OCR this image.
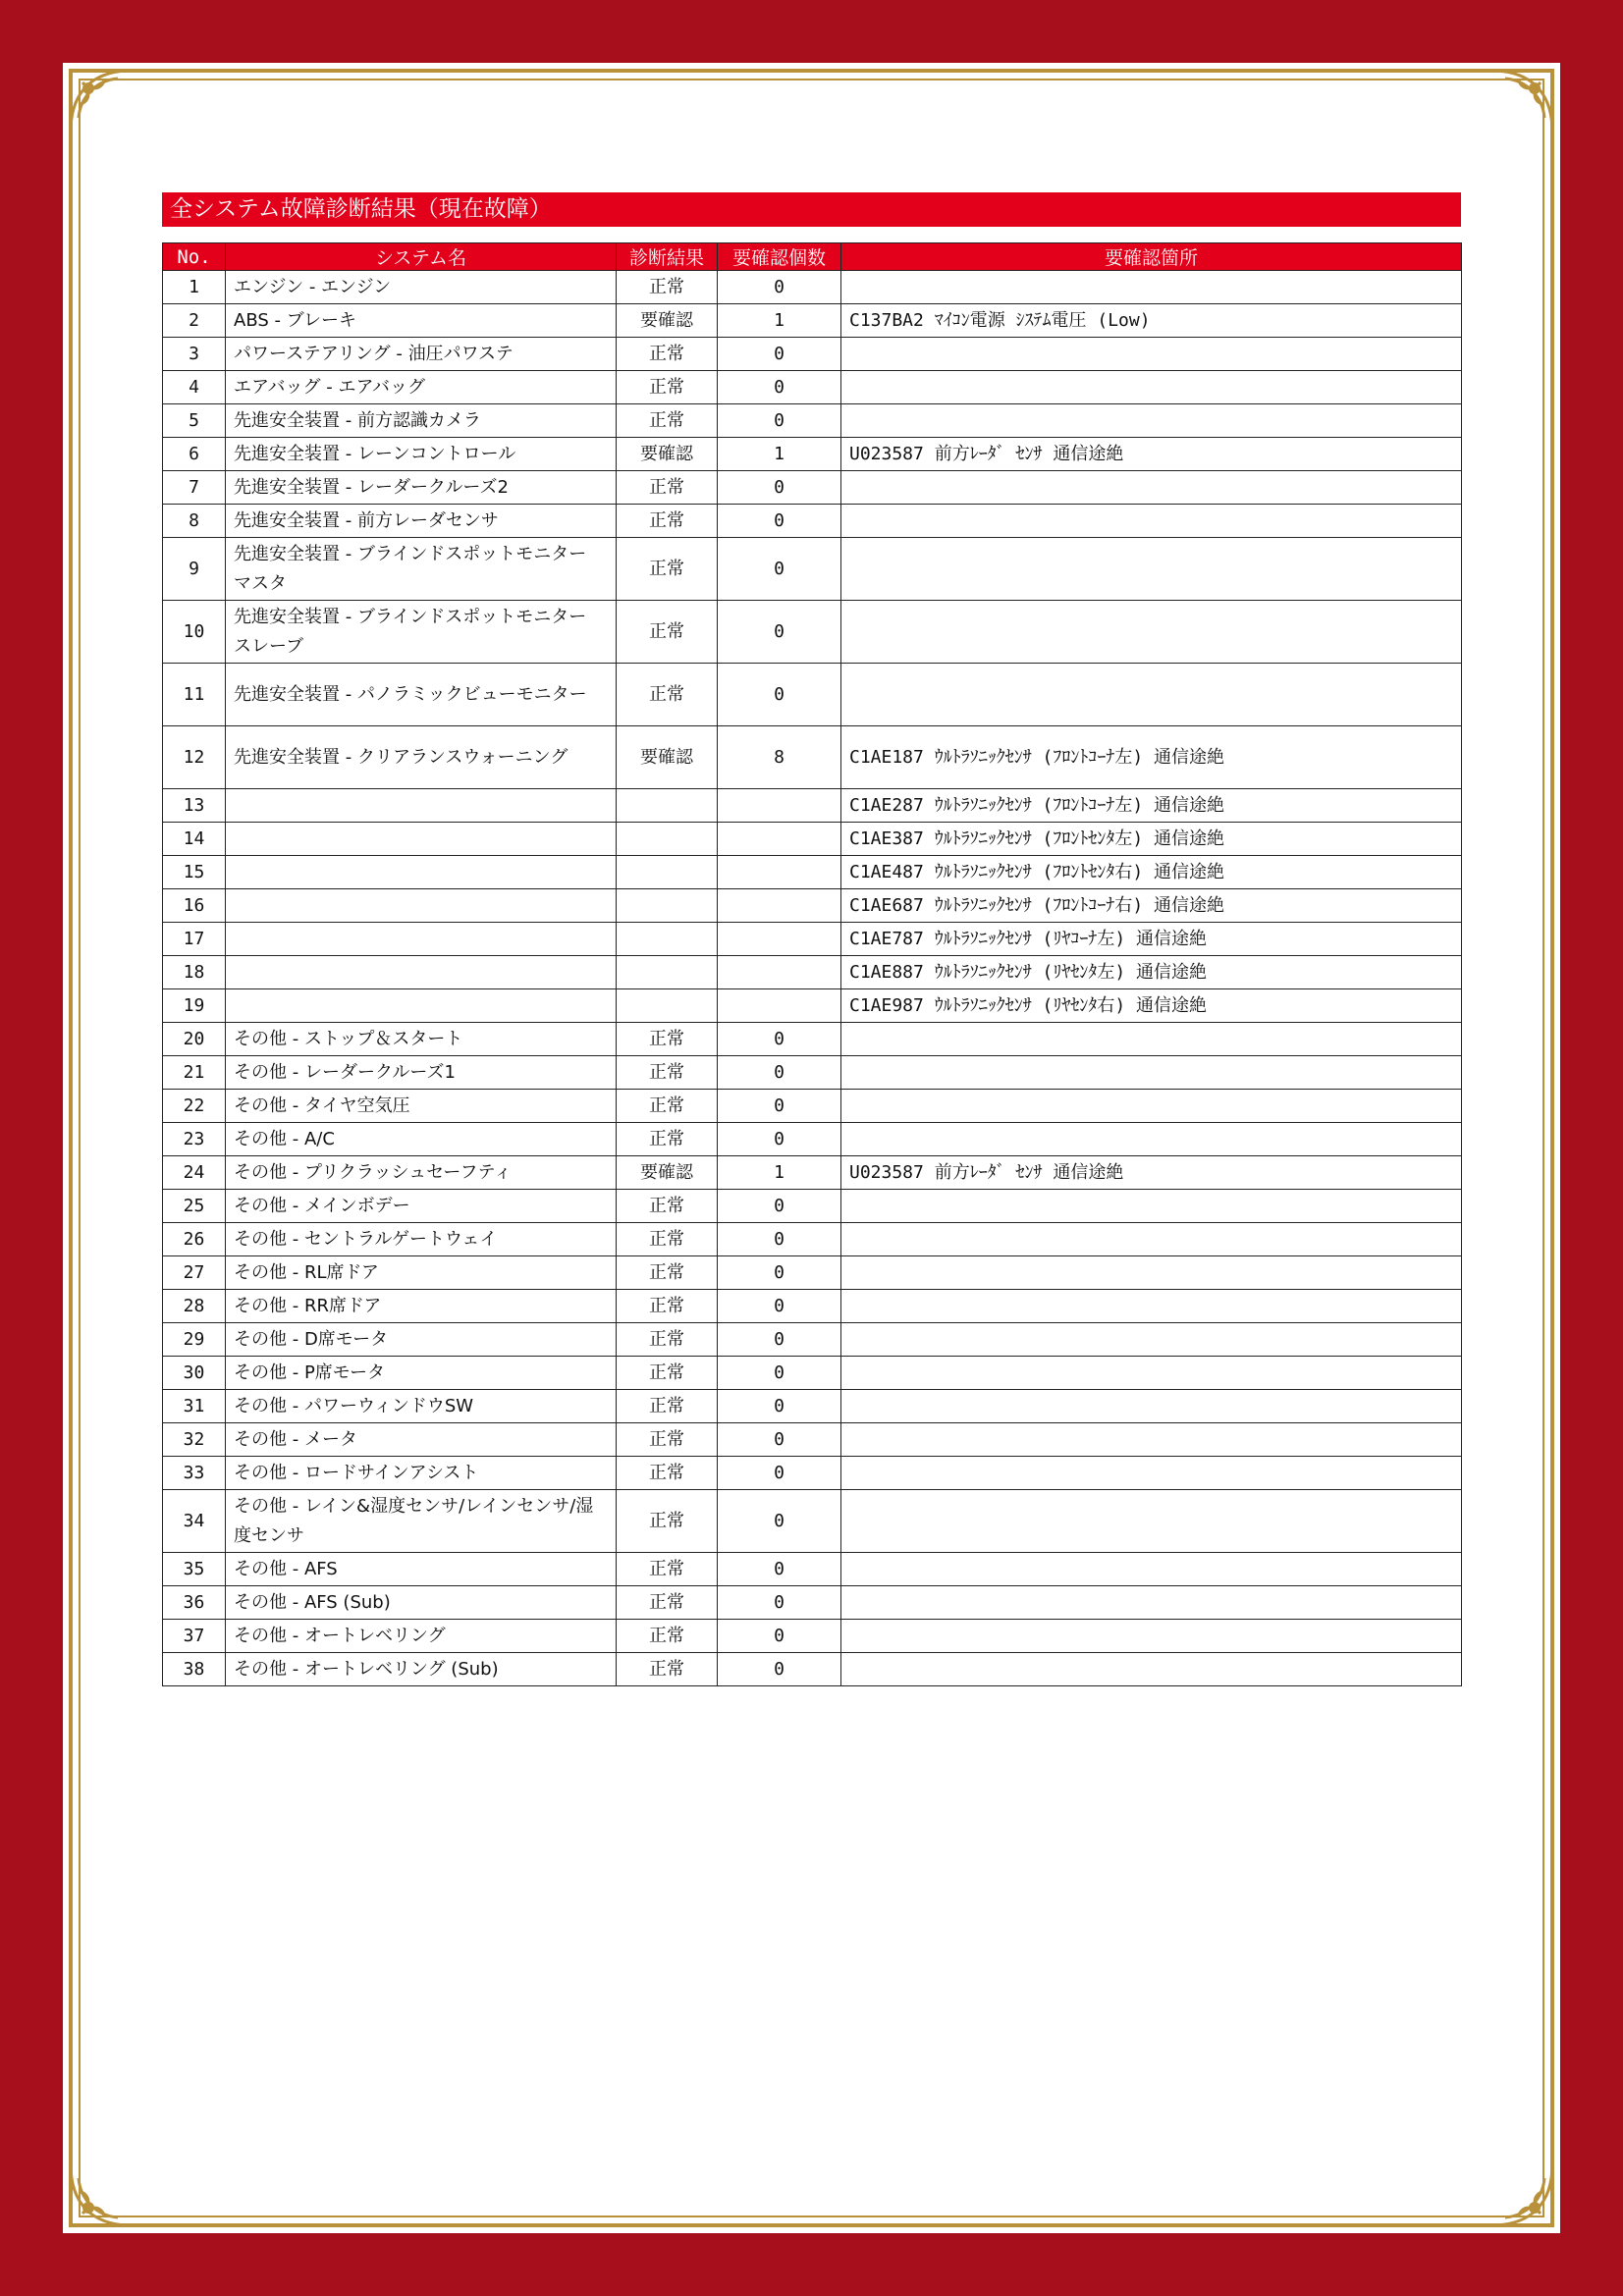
全システム故障診断結果（現在故障）
No.	システム名	診断結果	要確認個数	要確認箇所
1	エンジン - エンジン	正常	0	
2	ABS - ブレーキ	要確認	1	C137BA2 ﾏｲｺﾝ電源 ｼｽﾃﾑ電圧 (Low)
3	パワーステアリング - 油圧パワステ	正常	0	
4	エアバッグ - エアバッグ	正常	0	
5	先進安全装置 - 前方認識カメラ	正常	0	
6	先進安全装置 - レーンコントロール	要確認	1	U023587 前方ﾚｰﾀﾞ ｾﾝｻ 通信途絶
7	先進安全装置 - レーダークルーズ2	正常	0	
8	先進安全装置 - 前方レーダセンサ	正常	0	
9	先進安全装置 - ブラインドスポットモニター マスタ	正常	0	
10	先進安全装置 - ブラインドスポットモニター スレーブ	正常	0	
11	先進安全装置 - パノラミックビューモニター	正常	0	
12	先進安全装置 - クリアランスウォーニング	要確認	8	C1AE187 ｳﾙﾄﾗｿﾆｯｸｾﾝｻ (ﾌﾛﾝﾄｺｰﾅ左) 通信途絶
13				C1AE287 ｳﾙﾄﾗｿﾆｯｸｾﾝｻ (ﾌﾛﾝﾄｺｰﾅ左) 通信途絶
14				C1AE387 ｳﾙﾄﾗｿﾆｯｸｾﾝｻ (ﾌﾛﾝﾄｾﾝﾀ左) 通信途絶
15				C1AE487 ｳﾙﾄﾗｿﾆｯｸｾﾝｻ (ﾌﾛﾝﾄｾﾝﾀ右) 通信途絶
16				C1AE687 ｳﾙﾄﾗｿﾆｯｸｾﾝｻ (ﾌﾛﾝﾄｺｰﾅ右) 通信途絶
17				C1AE787 ｳﾙﾄﾗｿﾆｯｸｾﾝｻ (ﾘﾔｺｰﾅ左) 通信途絶
18				C1AE887 ｳﾙﾄﾗｿﾆｯｸｾﾝｻ (ﾘﾔｾﾝﾀ左) 通信途絶
19				C1AE987 ｳﾙﾄﾗｿﾆｯｸｾﾝｻ (ﾘﾔｾﾝﾀ右) 通信途絶
20	その他 - ストップ＆スタート	正常	0	
21	その他 - レーダークルーズ1	正常	0	
22	その他 - タイヤ空気圧	正常	0	
23	その他 - A/C	正常	0	
24	その他 - プリクラッシュセーフティ	要確認	1	U023587 前方ﾚｰﾀﾞ ｾﾝｻ 通信途絶
25	その他 - メインボデー	正常	0	
26	その他 - セントラルゲートウェイ	正常	0	
27	その他 - RL席ドア	正常	0	
28	その他 - RR席ドア	正常	0	
29	その他 - D席モータ	正常	0	
30	その他 - P席モータ	正常	0	
31	その他 - パワーウィンドウSW	正常	0	
32	その他 - メータ	正常	0	
33	その他 - ロードサインアシスト	正常	0	
34	その他 - レイン&湿度センサ/レインセンサ/湿度センサ	正常	0	
35	その他 - AFS	正常	0	
36	その他 - AFS (Sub)	正常	0	
37	その他 - オートレベリング	正常	0	
38	その他 - オートレベリング (Sub)	正常	0	
